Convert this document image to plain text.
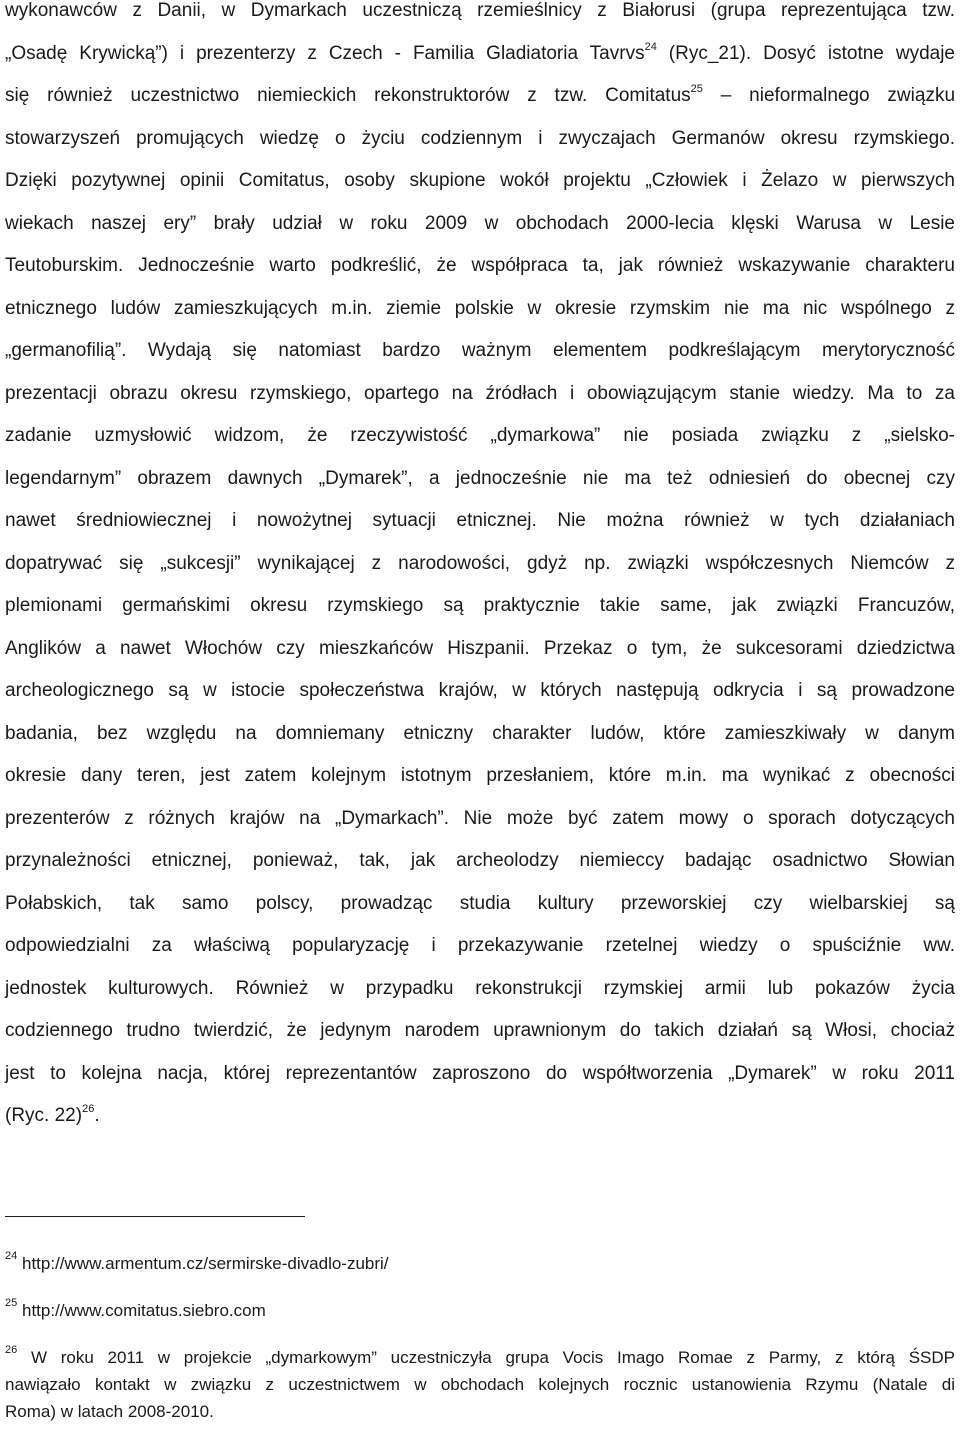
wykonawców z Danii, w Dymarkach uczestniczą rzemieślnicy z Białorusi (grupa reprezentująca tzw.
„Osadę Krywicką”) i prezenterzy z Czech - Familia Gladiatoria Tavrvs$^{24}$ (Ryc_21). Dosyć istotne wydaje
się również uczestnictwo niemieckich rekonstruktorów z tzw. Comitatus$^{25}$ – nieformalnego związku
stowarzyszeń promujących wiedzę o życiu codziennym i zwyczajach Germanów okresu rzymskiego.
Dzięki pozytywnej opinii Comitatus, osoby skupione wokół projektu „Człowiek i Żelazo w pierwszych
wiekach naszej ery” brały udział w roku 2009 w obchodach 2000-lecia klęski Warusa w Lesie
Teutoburskim. Jednocześnie warto podkreślić, że współpraca ta, jak również wskazywanie charakteru
etnicznego ludów zamieszkujących m.in. ziemie polskie w okresie rzymskim nie ma nic wspólnego z
„germanofilią”. Wydają się natomiast bardzo ważnym elementem podkreślającym merytoryczność
prezentacji obrazu okresu rzymskiego, opartego na źródłach i obowiązującym stanie wiedzy. Ma to za
zadanie uzmysłowić widzom, że rzeczywistość „dymarkowa” nie posiada związku z „sielsko-
legendarnym” obrazem dawnych „Dymarek”, a jednocześnie nie ma też odniesień do obecnej czy
nawet średniowiecznej i nowożytnej sytuacji etnicznej. Nie można również w tych działaniach
dopatrywać się „sukcesji” wynikającej z narodowości, gdyż np. związki współczesnych Niemców z
plemionami germańskimi okresu rzymskiego są praktycznie takie same, jak związki Francuzów,
Anglików a nawet Włochów czy mieszkańców Hiszpanii. Przekaz o tym, że sukcesorami dziedzictwa
archeologicznego są w istocie społeczeństwa krajów, w których następują odkrycia i są prowadzone
badania, bez względu na domniemany etniczny charakter ludów, które zamieszkiwały w danym
okresie dany teren, jest zatem kolejnym istotnym przesłaniem, które m.in. ma wynikać z obecności
prezenterów z różnych krajów na „Dymarkach”. Nie może być zatem mowy o sporach dotyczących
przynależności etnicznej, ponieważ, tak, jak archeolodzy niemieccy badając osadnictwo Słowian
Połabskich, tak samo polscy, prowadząc studia kultury przeworskiej czy wielbarskiej są
odpowiedzialni za właściwą popularyzację i przekazywanie rzetelnej wiedzy o spuściźnie ww.
jednostek kulturowych. Również w przypadku rekonstrukcji rzymskiej armii lub pokazów życia
codziennego trudno twierdzić, że jedynym narodem uprawnionym do takich działań są Włosi, chociaż
jest to kolejna nacja, której reprezentantów zaproszono do współtworzenia „Dymarek” w roku 2011
(Ryc. 22)$^{26}$.
$^{24}$ http://www.armentum.cz/sermirske-divadlo-zubri/
$^{25}$ http://www.comitatus.siebro.com
$^{26}$ W roku 2011 w projekcie „dymarkowym” uczestniczyła grupa Vocis Imago Romae z Parmy, z którą ŚSDP
nawiązało kontakt w związku z uczestnictwem w obchodach kolejnych rocznic ustanowienia Rzymu (Natale di
Roma) w latach 2008-2010.
